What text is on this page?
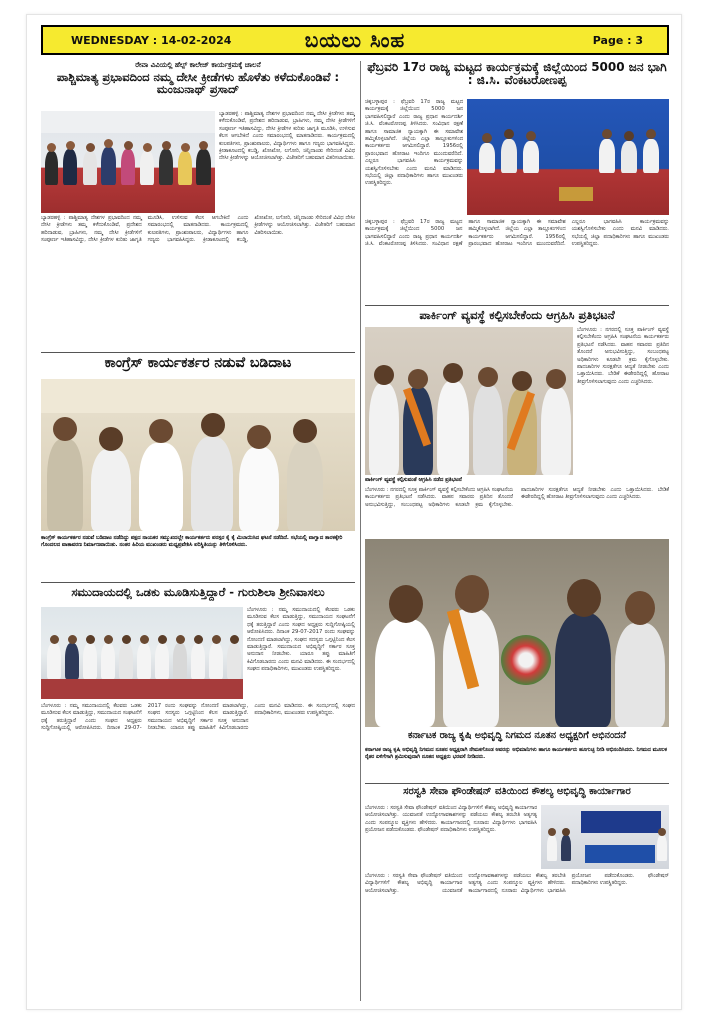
WEDNESDAY : 14-02-2024	ಬಯಲು ಸಿಂಹ	Page : 3
ರೇವಾ ವಿವಿಯಲ್ಲಿ ಹೆಲ್ಪ್ ಕಾಲೇಜ್ ಕಾರ್ಯಕ್ರಮಕ್ಕೆ ಚಾಲನೆ
ಪಾಶ್ಚಿಮಾತ್ಯ ಪ್ರಭಾವದಿಂದ ನಮ್ಮ ದೇಸೀ ಕ್ರೀಡೆಗಳು ಹೊಳೆತು ಕಳೆದುಕೊಂಡಿವೆ : ಮಂಜುನಾಥ್ ಪ್ರಸಾದ್
ಬ್ಯಾಡರಹಳ್ಳಿ : ಪಾಶ್ಚಿಮಾತ್ಯ ದೇಶಗಳ ಪ್ರಭಾವದಿಂದ ನಮ್ಮ ದೇಸೀ ಕ್ರೀಡೆಗಳು ತಮ್ಮ ಕಳೆದುಕೊಂಡಿವೆ, ಪ್ರದೇಶದ ಹರಿದಾಡುವ, ಬ್ರಾಹಿಗಳು, ನಮ್ಮ ದೇಸೀ ಕ್ರೀಡೆಗಳಿಗೆ ಸಂಪೂರ್ಣ ಇತಿಹಾಸವಿದ್ದು, ದೇಸೀ ಕ್ರೀಡೆಗಳ ಕುರಿತು ಜಾಗೃತಿ ಮೂಡಿಸಿ, ಉಳಿಸುವ ಕೆಲಸ ಆಗಬೇಕಿದೆ ಎಂದು ಸಮಾರಂಭದಲ್ಲಿ ಮಾತನಾಡಿದರು. ಕಾರ್ಯಕ್ರಮದಲ್ಲಿ ಕುಲಪತಿಗಳು, ಪ್ರಾಂಶುಪಾಲರು, ವಿದ್ಯಾರ್ಥಿಗಳು ಹಾಗೂ ಗಣ್ಯರು ಭಾಗವಹಿಸಿದ್ದರು. ಕ್ರೀಡಾಕೂಟದಲ್ಲಿ ಕಬಡ್ಡಿ, ಖೋಖೋ, ಲಗೋರಿ, ಚಿನ್ನಿದಾಂಡು ಸೇರಿದಂತೆ ವಿವಿಧ ದೇಸೀ ಕ್ರೀಡೆಗಳನ್ನು ಆಯೋಜಿಸಲಾಗಿತ್ತು. ವಿಜೇತರಿಗೆ ಬಹುಮಾನ ವಿತರಿಸಲಾಯಿತು.
ಬ್ಯಾಡರಹಳ್ಳಿ : ಪಾಶ್ಚಿಮಾತ್ಯ ದೇಶಗಳ ಪ್ರಭಾವದಿಂದ ನಮ್ಮ ದೇಸೀ ಕ್ರೀಡೆಗಳು ತಮ್ಮ ಕಳೆದುಕೊಂಡಿವೆ, ಪ್ರದೇಶದ ಹರಿದಾಡುವ, ಬ್ರಾಹಿಗಳು, ನಮ್ಮ ದೇಸೀ ಕ್ರೀಡೆಗಳಿಗೆ ಸಂಪೂರ್ಣ ಇತಿಹಾಸವಿದ್ದು, ದೇಸೀ ಕ್ರೀಡೆಗಳ ಕುರಿತು ಜಾಗೃತಿ ಮೂಡಿಸಿ, ಉಳಿಸುವ ಕೆಲಸ ಆಗಬೇಕಿದೆ ಎಂದು ಸಮಾರಂಭದಲ್ಲಿ ಮಾತನಾಡಿದರು. ಕಾರ್ಯಕ್ರಮದಲ್ಲಿ ಕುಲಪತಿಗಳು, ಪ್ರಾಂಶುಪಾಲರು, ವಿದ್ಯಾರ್ಥಿಗಳು ಹಾಗೂ ಗಣ್ಯರು ಭಾಗವಹಿಸಿದ್ದರು. ಕ್ರೀಡಾಕೂಟದಲ್ಲಿ ಕಬಡ್ಡಿ, ಖೋಖೋ, ಲಗೋರಿ, ಚಿನ್ನಿದಾಂಡು ಸೇರಿದಂತೆ ವಿವಿಧ ದೇಸೀ ಕ್ರೀಡೆಗಳನ್ನು ಆಯೋಜಿಸಲಾಗಿತ್ತು. ವಿಜೇತರಿಗೆ ಬಹುಮಾನ ವಿತರಿಸಲಾಯಿತು.
ಕಾಂಗ್ರೆಸ್ ಕಾರ್ಯಕರ್ತರ ನಡುವೆ ಬಡಿದಾಟ
ಕಾಂಗ್ರೆಸ್ ಕಾರ್ಯಕರ್ತರ ನಡುವೆ ಬಡಿದಾಟ ನಡೆದಿದ್ದು ಪಕ್ಷದ ನಾಯಕರ ಸಮ್ಮುಖದಲ್ಲೇ ಕಾರ್ಯಕರ್ತರು ಪರಸ್ಪರ ಕೈ ಕೈ ಮಿಲಾಯಿಸಿದ ಘಟನೆ ನಡೆದಿದೆ. ಸಭೆಯಲ್ಲಿ ವಾಗ್ವಾದ ತಾರಕಕ್ಕೇರಿ ಗೊಂದಲದ ವಾತಾವರಣ ನಿರ್ಮಾಣವಾಯಿತು. ನಂತರ ಹಿರಿಯ ಮುಖಂಡರು ಮಧ್ಯಪ್ರವೇಶಿಸಿ ಪರಿಸ್ಥಿತಿಯನ್ನು ತಿಳಿಗೊಳಿಸಿದರು.
ಸಮುದಾಯದಲ್ಲಿ ಒಡಕು ಮೂಡಿಸುತ್ತಿದ್ದಾರೆ - ಗುರುಶಿಲಾ ಶ್ರೀನಿವಾಸಲು
ಬೆಂಗಳೂರು : ನಮ್ಮ ಸಮುದಾಯದಲ್ಲಿ ಕೆಲವರು ಒಡಕು ಮೂಡಿಸುವ ಕೆಲಸ ಮಾಡುತ್ತಿದ್ದು, ಸಮುದಾಯದ ಸಂಘಟನೆಗೆ ಧಕ್ಕೆ ತರುತ್ತಿದ್ದಾರೆ ಎಂದು ಸಂಘದ ಅಧ್ಯಕ್ಷರು ಸುದ್ದಿಗೋಷ್ಠಿಯಲ್ಲಿ ಆರೋಪಿಸಿದರು. ದಿನಾಂಕ 29-07-2017 ರಂದು ಸಂಘವನ್ನು ನೋಂದಣಿ ಮಾಡಲಾಗಿದ್ದು, ಸಂಘದ ಸದಸ್ಯರು ಒಗ್ಗಟ್ಟಿನಿಂದ ಕೆಲಸ ಮಾಡುತ್ತಿದ್ದಾರೆ. ಸಮುದಾಯದ ಅಭಿವೃದ್ಧಿಗೆ ಸರ್ಕಾರ ಸೂಕ್ತ ಅನುದಾನ ನೀಡಬೇಕು. ಯಾರೂ ತಪ್ಪು ಮಾಹಿತಿಗೆ ಕಿವಿಗೊಡಬಾರದು ಎಂದು ಮನವಿ ಮಾಡಿದರು. ಈ ಸಂದರ್ಭದಲ್ಲಿ ಸಂಘದ ಪದಾಧಿಕಾರಿಗಳು, ಮುಖಂಡರು ಉಪಸ್ಥಿತರಿದ್ದರು.
ಬೆಂಗಳೂರು : ನಮ್ಮ ಸಮುದಾಯದಲ್ಲಿ ಕೆಲವರು ಒಡಕು ಮೂಡಿಸುವ ಕೆಲಸ ಮಾಡುತ್ತಿದ್ದು, ಸಮುದಾಯದ ಸಂಘಟನೆಗೆ ಧಕ್ಕೆ ತರುತ್ತಿದ್ದಾರೆ ಎಂದು ಸಂಘದ ಅಧ್ಯಕ್ಷರು ಸುದ್ದಿಗೋಷ್ಠಿಯಲ್ಲಿ ಆರೋಪಿಸಿದರು. ದಿನಾಂಕ 29-07-2017 ರಂದು ಸಂಘವನ್ನು ನೋಂದಣಿ ಮಾಡಲಾಗಿದ್ದು, ಸಂಘದ ಸದಸ್ಯರು ಒಗ್ಗಟ್ಟಿನಿಂದ ಕೆಲಸ ಮಾಡುತ್ತಿದ್ದಾರೆ. ಸಮುದಾಯದ ಅಭಿವೃದ್ಧಿಗೆ ಸರ್ಕಾರ ಸೂಕ್ತ ಅನುದಾನ ನೀಡಬೇಕು. ಯಾರೂ ತಪ್ಪು ಮಾಹಿತಿಗೆ ಕಿವಿಗೊಡಬಾರದು ಎಂದು ಮನವಿ ಮಾಡಿದರು. ಈ ಸಂದರ್ಭದಲ್ಲಿ ಸಂಘದ ಪದಾಧಿಕಾರಿಗಳು, ಮುಖಂಡರು ಉಪಸ್ಥಿತರಿದ್ದರು.
ಫೆಬ್ರವರಿ 17ರ ರಾಜ್ಯ ಮಟ್ಟದ ಕಾರ್ಯಕ್ರಮಕ್ಕೆ ಜಿಲ್ಲೆಯಿಂದ 5000 ಜನ ಭಾಗಿ : ಜಿ.ಸಿ. ವೆಂಕಟರೋಣಪ್ಪ
ಚಿಕ್ಕಬಳ್ಳಾಪುರ : ಫೆಬ್ರವರಿ 17ರ ರಾಜ್ಯ ಮಟ್ಟದ ಕಾರ್ಯಕ್ರಮಕ್ಕೆ ಜಿಲ್ಲೆಯಿಂದ 5000 ಜನ ಭಾಗವಹಿಸಲಿದ್ದಾರೆ ಎಂದು ರಾಜ್ಯ ಪ್ರಧಾನ ಕಾರ್ಯದರ್ಶಿ ಜಿ.ಸಿ. ವೆಂಕಟರೋಣಪ್ಪ ತಿಳಿಸಿದರು. ಸಂವಿಧಾನ ರಕ್ಷಣೆ ಹಾಗೂ ಸಾಮಾಜಿಕ ನ್ಯಾಯಕ್ಕಾಗಿ ಈ ಸಮಾವೇಶ ಹಮ್ಮಿಕೊಳ್ಳಲಾಗಿದೆ. ಜಿಲ್ಲೆಯ ಎಲ್ಲಾ ತಾಲ್ಲೂಕುಗಳಿಂದ ಕಾರ್ಯಕರ್ತರು ಆಗಮಿಸಲಿದ್ದಾರೆ. 1956ರಲ್ಲಿ ಪ್ರಾರಂಭವಾದ ಹೋರಾಟ ಇಂದಿಗೂ ಮುಂದುವರೆದಿದೆ. ಎಲ್ಲರೂ ಭಾಗವಹಿಸಿ ಕಾರ್ಯಕ್ರಮವನ್ನು ಯಶಸ್ವಿಗೊಳಿಸಬೇಕು ಎಂದು ಮನವಿ ಮಾಡಿದರು. ಸಭೆಯಲ್ಲಿ ಜಿಲ್ಲಾ ಪದಾಧಿಕಾರಿಗಳು ಹಾಗೂ ಮುಖಂಡರು ಉಪಸ್ಥಿತರಿದ್ದರು.
ಚಿಕ್ಕಬಳ್ಳಾಪುರ : ಫೆಬ್ರವರಿ 17ರ ರಾಜ್ಯ ಮಟ್ಟದ ಕಾರ್ಯಕ್ರಮಕ್ಕೆ ಜಿಲ್ಲೆಯಿಂದ 5000 ಜನ ಭಾಗವಹಿಸಲಿದ್ದಾರೆ ಎಂದು ರಾಜ್ಯ ಪ್ರಧಾನ ಕಾರ್ಯದರ್ಶಿ ಜಿ.ಸಿ. ವೆಂಕಟರೋಣಪ್ಪ ತಿಳಿಸಿದರು. ಸಂವಿಧಾನ ರಕ್ಷಣೆ ಹಾಗೂ ಸಾಮಾಜಿಕ ನ್ಯಾಯಕ್ಕಾಗಿ ಈ ಸಮಾವೇಶ ಹಮ್ಮಿಕೊಳ್ಳಲಾಗಿದೆ. ಜಿಲ್ಲೆಯ ಎಲ್ಲಾ ತಾಲ್ಲೂಕುಗಳಿಂದ ಕಾರ್ಯಕರ್ತರು ಆಗಮಿಸಲಿದ್ದಾರೆ. 1956ರಲ್ಲಿ ಪ್ರಾರಂಭವಾದ ಹೋರಾಟ ಇಂದಿಗೂ ಮುಂದುವರೆದಿದೆ. ಎಲ್ಲರೂ ಭಾಗವಹಿಸಿ ಕಾರ್ಯಕ್ರಮವನ್ನು ಯಶಸ್ವಿಗೊಳಿಸಬೇಕು ಎಂದು ಮನವಿ ಮಾಡಿದರು. ಸಭೆಯಲ್ಲಿ ಜಿಲ್ಲಾ ಪದಾಧಿಕಾರಿಗಳು ಹಾಗೂ ಮುಖಂಡರು ಉಪಸ್ಥಿತರಿದ್ದರು.
ಪಾರ್ಕಿಂಗ್ ವ್ಯವಸ್ಥೆ ಕಲ್ಪಿಸಬೇಕೆಂದು ಆಗ್ರಹಿಸಿ ಪ್ರತಿಭಟನೆ
ಬೆಂಗಳೂರು : ನಗರದಲ್ಲಿ ಸೂಕ್ತ ಪಾರ್ಕಿಂಗ್ ವ್ಯವಸ್ಥೆ ಕಲ್ಪಿಸಬೇಕೆಂದು ಆಗ್ರಹಿಸಿ ಸಂಘಟನೆಯ ಕಾರ್ಯಕರ್ತರು ಪ್ರತಿಭಟನೆ ನಡೆಸಿದರು. ವಾಹನ ಸವಾರರು ಪ್ರತಿದಿನ ತೊಂದರೆ ಅನುಭವಿಸುತ್ತಿದ್ದು, ಸಂಬಂಧಪಟ್ಟ ಅಧಿಕಾರಿಗಳು ಕೂಡಲೇ ಕ್ರಮ ಕೈಗೊಳ್ಳಬೇಕು. ಪಾದಚಾರಿಗಳ ಸುರಕ್ಷತೆಗೂ ಆದ್ಯತೆ ನೀಡಬೇಕು ಎಂದು ಒತ್ತಾಯಿಸಿದರು. ಬೇಡಿಕೆ ಈಡೇರದಿದ್ದಲ್ಲಿ ಹೋರಾಟ ತೀವ್ರಗೊಳಿಸಲಾಗುವುದು ಎಂದು ಎಚ್ಚರಿಸಿದರು.
ಪಾರ್ಕಿಂಗ್ ವ್ಯವಸ್ಥೆ ಕಲ್ಪಿಸುವಂತೆ ಆಗ್ರಹಿಸಿ ನಡೆದ ಪ್ರತಿಭಟನೆ
ಬೆಂಗಳೂರು : ನಗರದಲ್ಲಿ ಸೂಕ್ತ ಪಾರ್ಕಿಂಗ್ ವ್ಯವಸ್ಥೆ ಕಲ್ಪಿಸಬೇಕೆಂದು ಆಗ್ರಹಿಸಿ ಸಂಘಟನೆಯ ಕಾರ್ಯಕರ್ತರು ಪ್ರತಿಭಟನೆ ನಡೆಸಿದರು. ವಾಹನ ಸವಾರರು ಪ್ರತಿದಿನ ತೊಂದರೆ ಅನುಭವಿಸುತ್ತಿದ್ದು, ಸಂಬಂಧಪಟ್ಟ ಅಧಿಕಾರಿಗಳು ಕೂಡಲೇ ಕ್ರಮ ಕೈಗೊಳ್ಳಬೇಕು. ಪಾದಚಾರಿಗಳ ಸುರಕ್ಷತೆಗೂ ಆದ್ಯತೆ ನೀಡಬೇಕು ಎಂದು ಒತ್ತಾಯಿಸಿದರು. ಬೇಡಿಕೆ ಈಡೇರದಿದ್ದಲ್ಲಿ ಹೋರಾಟ ತೀವ್ರಗೊಳಿಸಲಾಗುವುದು ಎಂದು ಎಚ್ಚರಿಸಿದರು.
ಕರ್ನಾಟಕ ರಾಜ್ಯ ಕೃಷಿ ಅಭಿವೃದ್ಧಿ ನಿಗಮದ ನೂತನ ಅಧ್ಯಕ್ಷರಿಗೆ ಅಭಿನಂದನೆ
ಕರ್ನಾಟಕ ರಾಜ್ಯ ಕೃಷಿ ಅಭಿವೃದ್ಧಿ ನಿಗಮದ ನೂತನ ಅಧ್ಯಕ್ಷರಾಗಿ ನೇಮಕಗೊಂಡ ಅವರನ್ನು ಅಭಿಮಾನಿಗಳು ಹಾಗೂ ಕಾರ್ಯಕರ್ತರು ಹೂಗುಚ್ಛ ನೀಡಿ ಅಭಿನಂದಿಸಿದರು. ನಿಗಮದ ಮೂಲಕ ರೈತರ ಏಳಿಗೆಗಾಗಿ ಶ್ರಮಿಸುವುದಾಗಿ ನೂತನ ಅಧ್ಯಕ್ಷರು ಭರವಸೆ ನೀಡಿದರು.
ಸರಸ್ವತಿ ಸೇವಾ ಫೌಂಡೇಷನ್ ವತಿಯಿಂದ ಕೌಶಲ್ಯ ಅಭಿವೃದ್ಧಿ ಕಾರ್ಯಾಗಾರ
ಬೆಂಗಳೂರು : ಸರಸ್ವತಿ ಸೇವಾ ಫೌಂಡೇಷನ್ ವತಿಯಿಂದ ವಿದ್ಯಾರ್ಥಿಗಳಿಗೆ ಕೌಶಲ್ಯ ಅಭಿವೃದ್ಧಿ ಕಾರ್ಯಾಗಾರ ಆಯೋಜಿಸಲಾಗಿತ್ತು. ಯುವಜನತೆ ಉದ್ಯೋಗಾವಕಾಶಗಳನ್ನು ಪಡೆಯಲು ಕೌಶಲ್ಯ ತರಬೇತಿ ಅತ್ಯಗತ್ಯ ಎಂದು ಸಂಪನ್ಮೂಲ ವ್ಯಕ್ತಿಗಳು ಹೇಳಿದರು. ಕಾರ್ಯಾಗಾರದಲ್ಲಿ ನೂರಾರು ವಿದ್ಯಾರ್ಥಿಗಳು ಭಾಗವಹಿಸಿ ಪ್ರಯೋಜನ ಪಡೆದುಕೊಂಡರು. ಫೌಂಡೇಷನ್ ಪದಾಧಿಕಾರಿಗಳು ಉಪಸ್ಥಿತರಿದ್ದರು.
ಬೆಂಗಳೂರು : ಸರಸ್ವತಿ ಸೇವಾ ಫೌಂಡೇಷನ್ ವತಿಯಿಂದ ವಿದ್ಯಾರ್ಥಿಗಳಿಗೆ ಕೌಶಲ್ಯ ಅಭಿವೃದ್ಧಿ ಕಾರ್ಯಾಗಾರ ಆಯೋಜಿಸಲಾಗಿತ್ತು. ಯುವಜನತೆ ಉದ್ಯೋಗಾವಕಾಶಗಳನ್ನು ಪಡೆಯಲು ಕೌಶಲ್ಯ ತರಬೇತಿ ಅತ್ಯಗತ್ಯ ಎಂದು ಸಂಪನ್ಮೂಲ ವ್ಯಕ್ತಿಗಳು ಹೇಳಿದರು. ಕಾರ್ಯಾಗಾರದಲ್ಲಿ ನೂರಾರು ವಿದ್ಯಾರ್ಥಿಗಳು ಭಾಗವಹಿಸಿ ಪ್ರಯೋಜನ ಪಡೆದುಕೊಂಡರು. ಫೌಂಡೇಷನ್ ಪದಾಧಿಕಾರಿಗಳು ಉಪಸ್ಥಿತರಿದ್ದರು.
